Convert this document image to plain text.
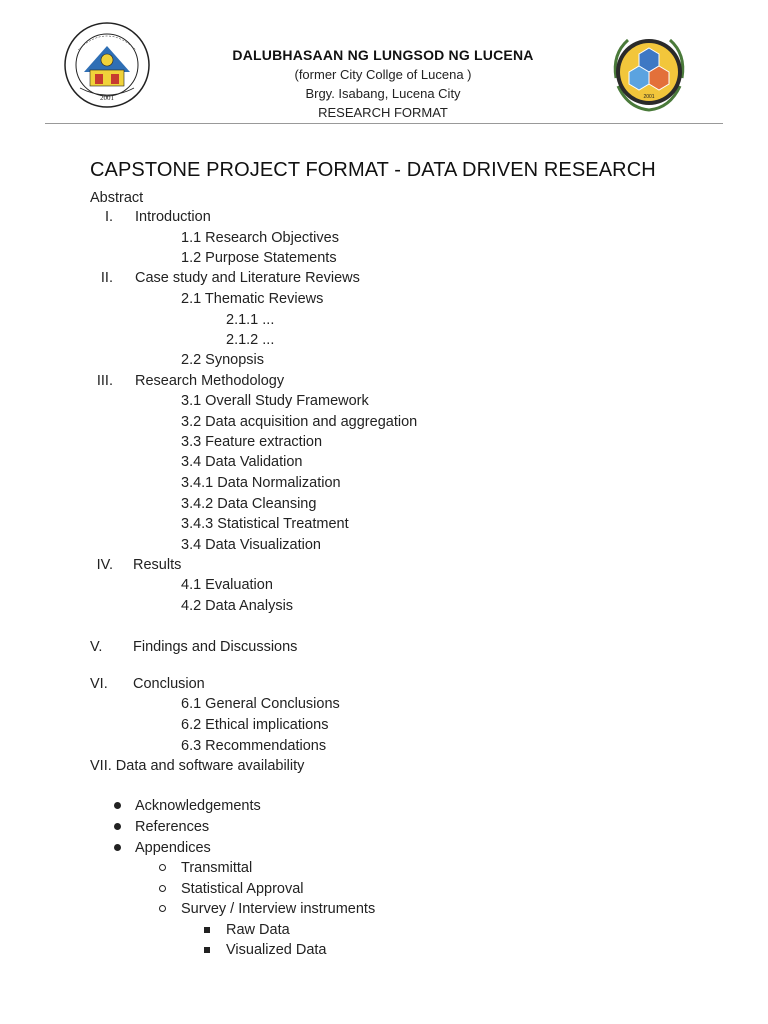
2001
DALUBHASAAN NG LUNGSOD NG LUCENA
(former City Collge of Lucena )
Brgy. Isabang, Lucena City
RESEARCH FORMAT
2001
CAPSTONE PROJECT FORMAT - DATA DRIVEN RESEARCH
Abstract
I. Introduction
1.1 Research Objectives
1.2 Purpose Statements
II. Case study and Literature Reviews
2.1 Thematic Reviews
2.1.1 ...
2.1.2 ...
2.2 Synopsis
III. Research Methodology
3.1 Overall Study Framework
3.2 Data acquisition and aggregation
3.3 Feature extraction
3.4 Data Validation
3.4.1 Data Normalization
3.4.2 Data Cleansing
3.4.3 Statistical Treatment
3.4 Data Visualization
IV. Results
4.1 Evaluation
4.2 Data Analysis
V. Findings and Discussions
VI. Conclusion
6.1 General Conclusions
6.2 Ethical implications
6.3 Recommendations
VII. Data and software availability
Acknowledgements
References
Appendices
Transmittal
Statistical Approval
Survey / Interview instruments
Raw Data
Visualized Data
